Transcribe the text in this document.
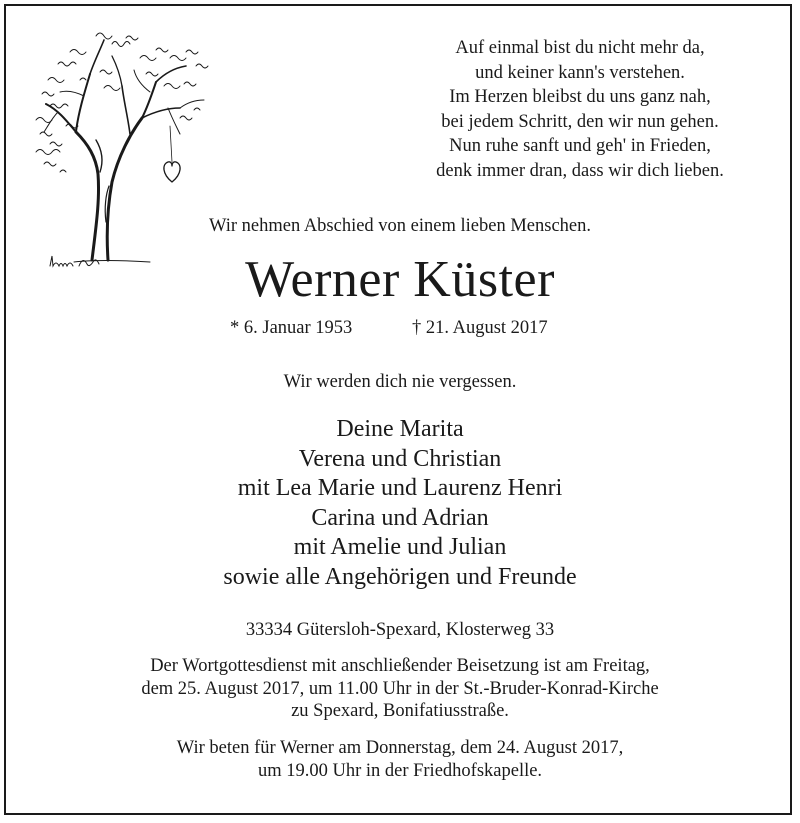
Auf einmal bist du nicht mehr da,
und keiner kann's verstehen.
Im Herzen bleibst du uns ganz nah,
bei jedem Schritt, den wir nun gehen.
Nun ruhe sanft und geh' in Frieden,
denk immer dran, dass wir dich lieben.
Wir nehmen Abschied von einem lieben Menschen.
Werner Küster
* 6. Januar 1953	† 21. August 2017
Wir werden dich nie vergessen.
Deine Marita
Verena und Christian
mit Lea Marie und Laurenz Henri
Carina und Adrian
mit Amelie und Julian
sowie alle Angehörigen und Freunde
33334 Gütersloh-Spexard, Klosterweg 33
Der Wortgottesdienst mit anschließender Beisetzung ist am Freitag,
dem 25. August 2017, um 11.00 Uhr in der St.-Bruder-Konrad-Kirche
zu Spexard, Bonifatiusstraße.
Wir beten für Werner am Donnerstag, dem 24. August 2017,
um 19.00 Uhr in der Friedhofskapelle.
